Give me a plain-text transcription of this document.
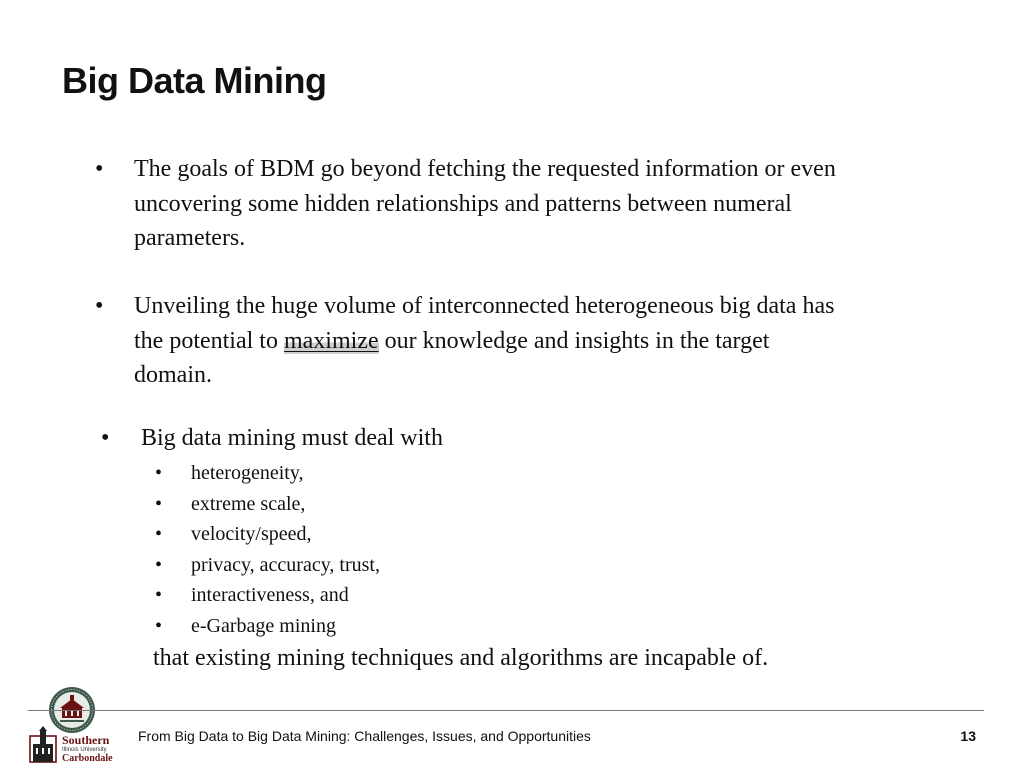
Big Data Mining
• The goals of BDM go beyond fetching the requested information or even
uncovering some hidden relationships and patterns between numeral
parameters.
• Unveiling the huge volume of interconnected heterogeneous big data has
the potential to maximize our knowledge and insights in the target
domain.
• Big data mining must deal with
• heterogeneity,
• extreme scale,
• velocity/speed,
• privacy, accuracy, trust,
• interactiveness, and
• e-Garbage mining
that existing mining techniques and algorithms are incapable of.
Southern
Illinois University
Carbondale
From Big Data to Big Data Mining: Challenges, Issues, and Opportunities	13
